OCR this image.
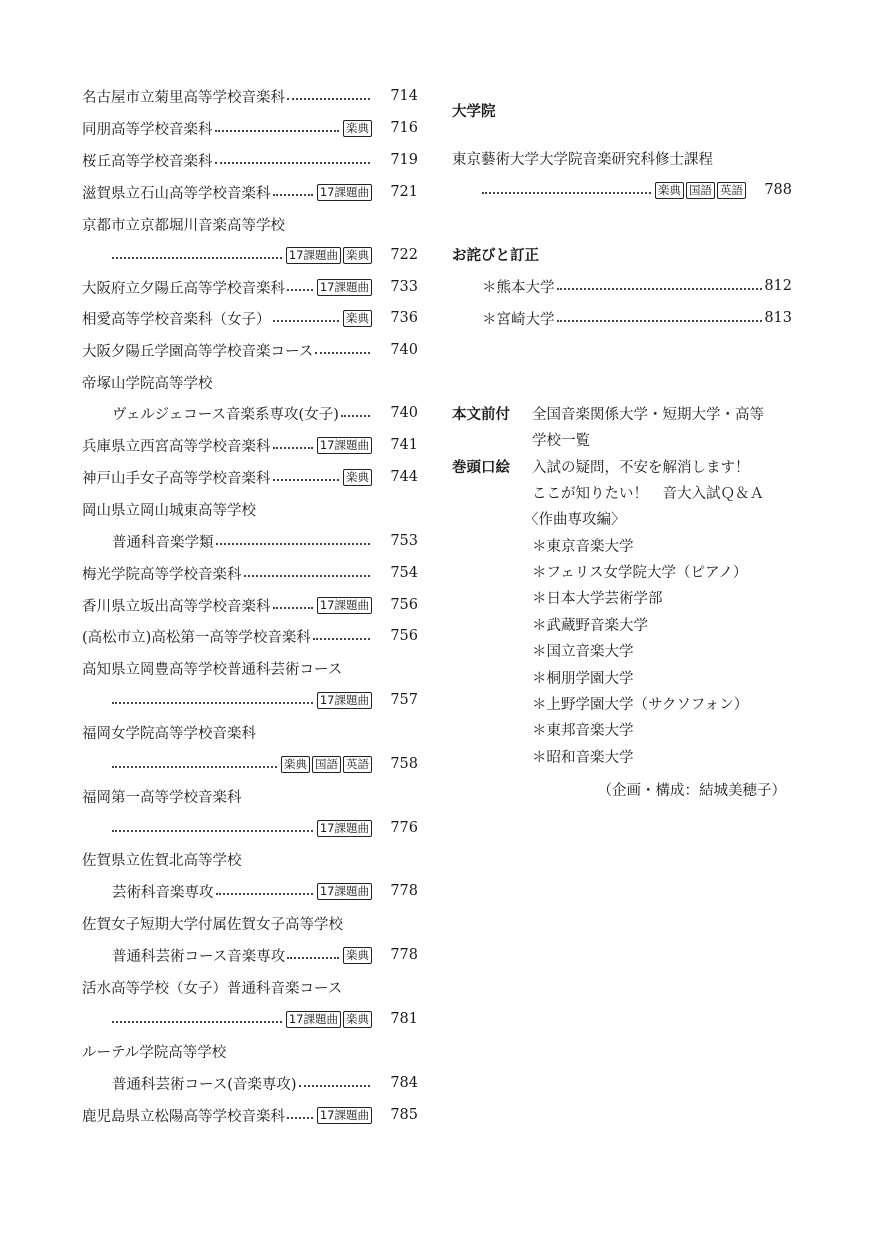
名古屋市立菊里高等学校音楽科	714
同朋高等学校音楽科	楽典	716
桜丘高等学校音楽科	719
滋賀県立石山高等学校音楽科	17課題曲	721
京都市立京都堀川音楽高等学校
17課題曲 楽典	722
大阪府立夕陽丘高等学校音楽科	17課題曲	733
相愛高等学校音楽科（女子）	楽典	736
大阪夕陽丘学園高等学校音楽コース	740
帝塚山学院高等学校
ヴェルジェコース音楽系専攻(女子)	740
兵庫県立西宮高等学校音楽科	17課題曲	741
神戸山手女子高等学校音楽科	楽典	744
岡山県立岡山城東高等学校
普通科音楽学類	753
梅光学院高等学校音楽科	754
香川県立坂出高等学校音楽科	17課題曲	756
(高松市立)高松第一高等学校音楽科	756
高知県立岡豊高等学校普通科芸術コース
17課題曲	757
福岡女学院高等学校音楽科
楽典 国語 英語	758
福岡第一高等学校音楽科
17課題曲	776
佐賀県立佐賀北高等学校
芸術科音楽専攻	17課題曲	778
佐賀女子短期大学付属佐賀女子高等学校
普通科芸術コース音楽専攻	楽典	778
活水高等学校（女子）普通科音楽コース
17課題曲 楽典	781
ルーテル学院高等学校
普通科芸術コース(音楽専攻)	784
鹿児島県立松陽高等学校音楽科	17課題曲	785
大学院
東京藝術大学大学院音楽研究科修士課程
楽典 国語 英語	788
お詫びと訂正
＊熊本大学	812
＊宮崎大学	813
本文前付 全国音楽関係大学・短期大学・高等
学校一覧
巻頭口絵 入試の疑問，不安を解消します！
ここが知りたい！　音大入試Ｑ＆Ａ
〈作曲専攻編〉
＊東京音楽大学
＊フェリス女学院大学（ピアノ）
＊日本大学芸術学部
＊武蔵野音楽大学
＊国立音楽大学
＊桐朋学園大学
＊上野学園大学（サクソフォン）
＊東邦音楽大学
＊昭和音楽大学
（企画・構成：結城美穂子）
